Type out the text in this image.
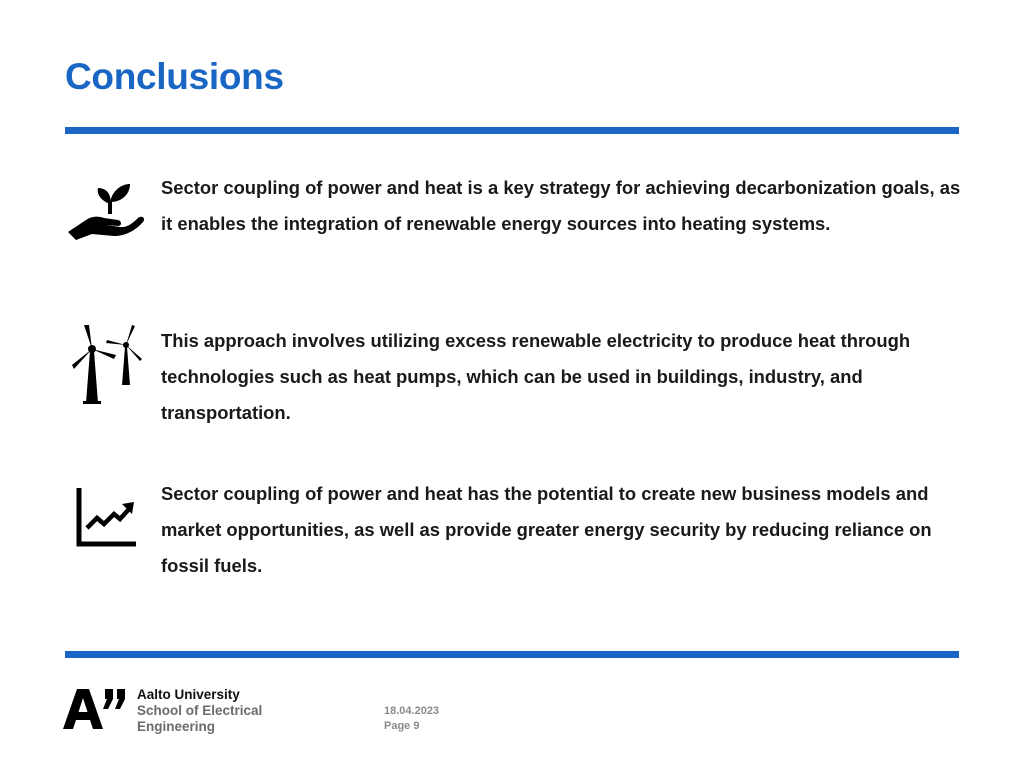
Conclusions
Sector coupling of power and heat is a key strategy for achieving decarbonization goals, as it enables the integration of renewable energy sources into heating systems.
This approach involves utilizing excess renewable electricity to produce heat through technologies such as heat pumps, which can be used in buildings, industry, and transportation.
Sector coupling of power and heat has the potential to create new business models and market opportunities, as well as provide greater energy security by reducing reliance on fossil fuels.
Aalto University
School of Electrical
Engineering
18.04.2023
Page 9
